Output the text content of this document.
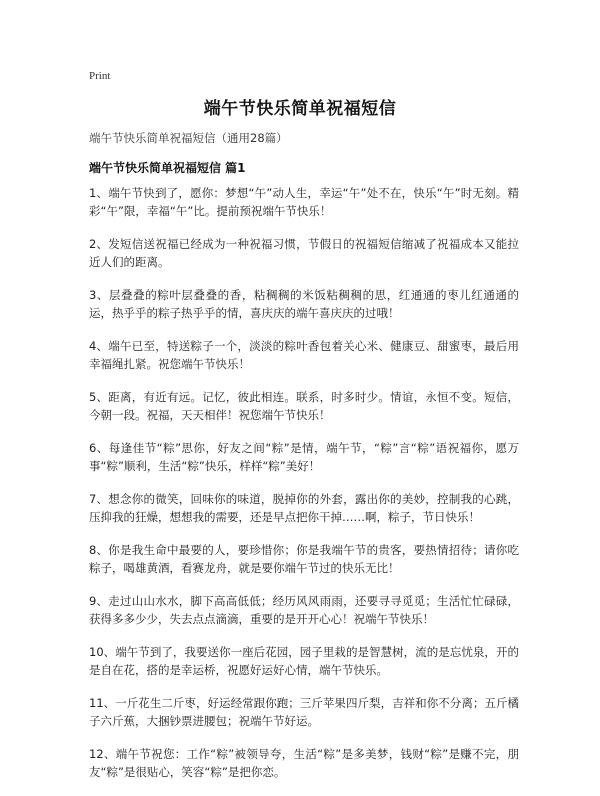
Print
端午节快乐简单祝福短信
端午节快乐简单祝福短信（通用28篇）
端午节快乐简单祝福短信 篇1

1、端午节快到了，愿你：梦想“午”动人生，幸运“午”处不在，快乐“午”时无刻。精彩“午”限，幸福“午”比。提前预祝端午节快乐！

2、发短信送祝福已经成为一种祝福习惯，节假日的祝福短信缩减了祝福成本又能拉近人们的距离。

3、层叠叠的粽叶层叠叠的香，粘稠稠的米饭粘稠稠的思，红通通的枣儿红通通的运，热乎乎的粽子热乎乎的情，喜庆庆的端午喜庆庆的过哦！

4、端午已至，特送粽子一个，淡淡的粽叶香包着关心米、健康豆、甜蜜枣，最后用幸福绳扎紧。祝您端午节快乐！

5、距离，有近有远。记忆，彼此相连。联系，时多时少。情谊，永恒不变。短信，今朝一段。祝福，天天相伴！祝您端午节快乐！

6、每逢佳节“粽”思你，好友之间“粽”是情，端午节，“粽”言“粽”语祝福你，愿万事“粽”顺利，生活“粽”快乐，样样“粽”美好！

7、想念你的微笑，回味你的味道，脱掉你的外套，露出你的美妙，控制我的心跳，压抑我的狂燥，想想我的需要，还是早点把你干掉……啊，粽子，节日快乐！

8、你是我生命中最要的人，要珍惜你；你是我端午节的贵客，要热情招待；请你吃粽子，喝雄黄酒，看赛龙舟，就是要你端午节过的快乐无比！

9、走过山山水水，脚下高高低低；经历风风雨雨，还要寻寻觅觅；生活忙忙碌碌，获得多多少少，失去点点滴滴，重要的是开开心心！祝端午节快乐！

10、端午节到了，我要送你一座后花园，园子里栽的是智慧树，流的是忘忧泉，开的是自在花，搭的是幸运桥，祝愿好运好心情，端午节快乐。

11、一斤花生二斤枣，好运经常跟你跑；三斤苹果四斤梨，吉祥和你不分离；五斤橘子六斤蕉，大捆钞票进腰包；祝端午节好运。

12、端午节祝您：工作“粽”被领导夸，生活“粽”是多美梦，钱财“粽”是赚不完，朋友“粽”是很贴心，笑容“粽”是把你恋。
